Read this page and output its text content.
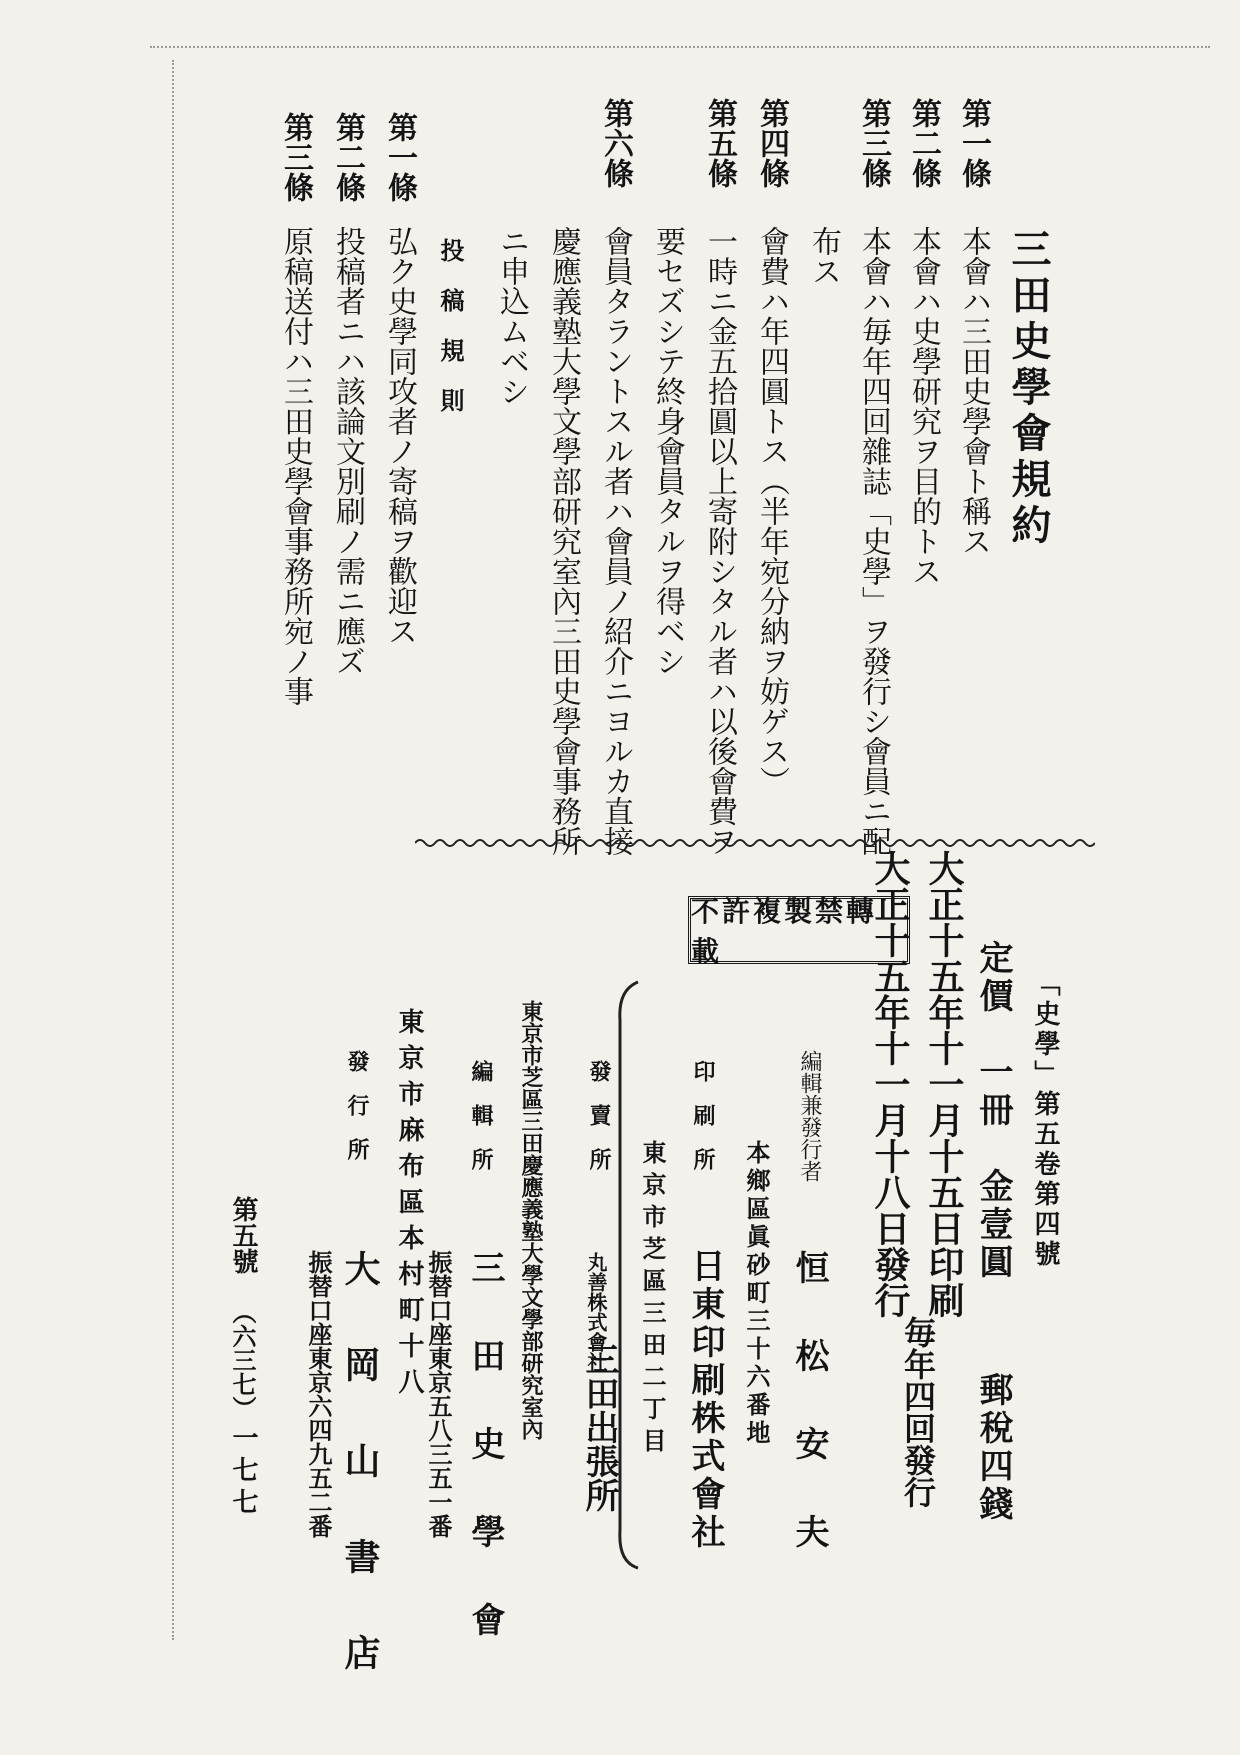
三田史學會規約
第一條
本會ハ三田史學會ト稱ス
第二條
本會ハ史學研究ヲ目的トス
第三條
本會ハ毎年四回雜誌「史學」ヲ發行シ會員ニ配
布ス
第四條
會費ハ年四圓トス（半年宛分納ヲ妨ゲス）
第五條
一時ニ金五拾圓以上寄附シタル者ハ以後會費ヲ
要セズシテ終身會員タルヲ得ベシ
第六條
會員タラントスル者ハ會員ノ紹介ニヨルカ直接
慶應義塾大學文學部研究室內三田史學會事務所
ニ申込ムベシ
投稿規則
第一條
弘ク史學同攻者ノ寄稿ヲ歡迎ス
第二條
投稿者ニハ該論文別刷ノ需ニ應ズ
第三條
原稿送付ハ三田史學會事務所宛ノ事
「史學」第五卷第四號
定價　一冊　金壹圓
郵稅四錢
大正十五年十一月十五日印刷
毎年四回發行
大正十五年十一月十八日發行
不許複製禁轉載
編輯兼發行者
恒　松　安　夫
本鄉區眞砂町三十六番地
印　刷　所
日東印刷株式會社
東京市芝區三田二丁目
發　賣　所
丸善株式會社
三田出張所
東京市芝區三田慶應義塾大學文學部研究室內
編　輯　所
三　田　史　學　會
振替口座東京五八三五一番
東京市麻布區本村町十八
發　行　所
大　岡　山　書　店
振替口座東京六四九五二番
第五號
（六三七）
一七七
